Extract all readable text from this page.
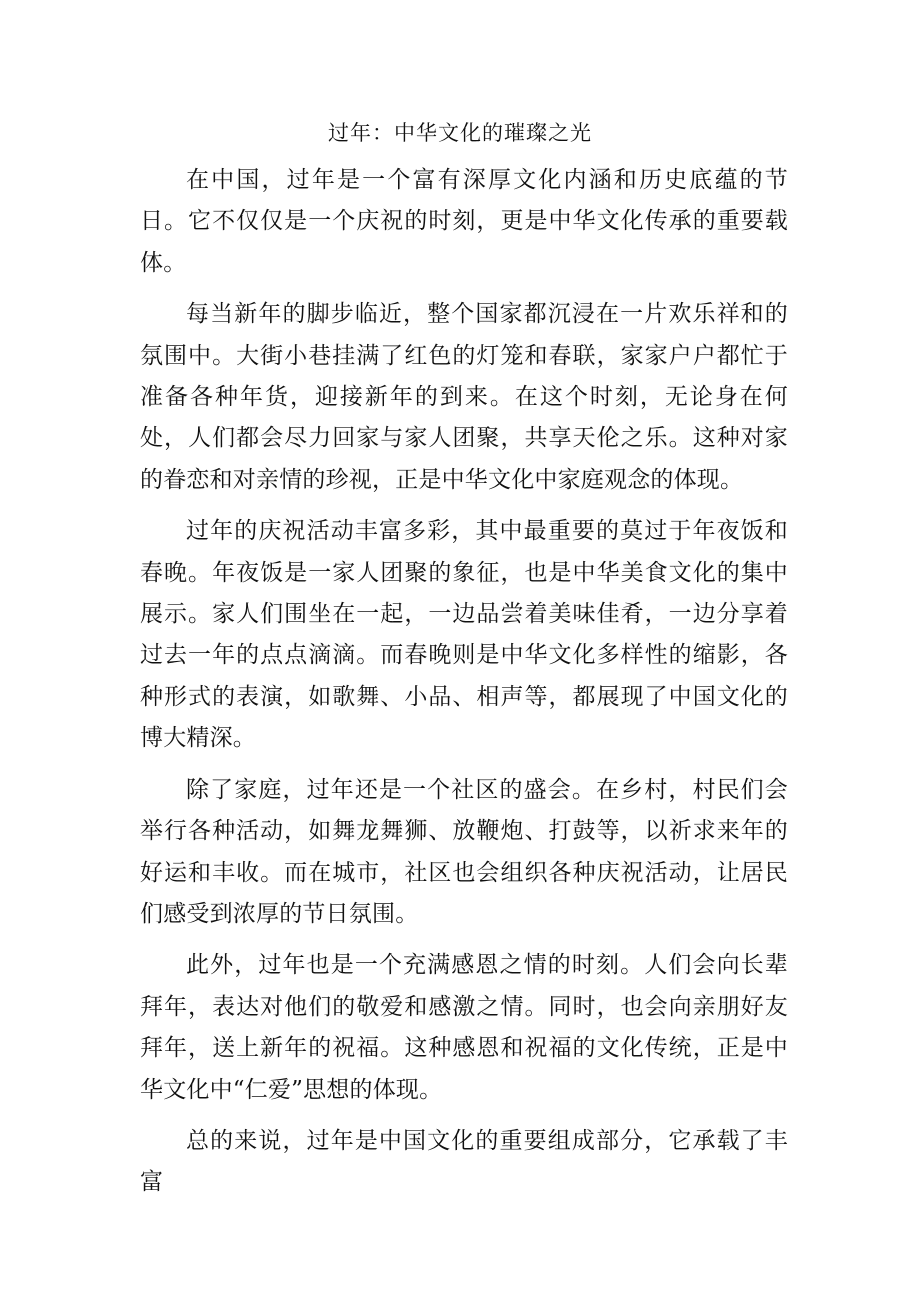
过年：中华文化的璀璨之光

在中国，过年是一个富有深厚文化内涵和历史底蕴的节日。它不仅仅是一个庆祝的时刻，更是中华文化传承的重要载体。

每当新年的脚步临近，整个国家都沉浸在一片欢乐祥和的氛围中。大街小巷挂满了红色的灯笼和春联，家家户户都忙于准备各种年货，迎接新年的到来。在这个时刻，无论身在何处，人们都会尽力回家与家人团聚，共享天伦之乐。这种对家的眷恋和对亲情的珍视，正是中华文化中家庭观念的体现。

过年的庆祝活动丰富多彩，其中最重要的莫过于年夜饭和春晚。年夜饭是一家人团聚的象征，也是中华美食文化的集中展示。家人们围坐在一起，一边品尝着美味佳肴，一边分享着过去一年的点点滴滴。而春晚则是中华文化多样性的缩影，各种形式的表演，如歌舞、小品、相声等，都展现了中国文化的博大精深。

除了家庭，过年还是一个社区的盛会。在乡村，村民们会举行各种活动，如舞龙舞狮、放鞭炮、打鼓等，以祈求来年的好运和丰收。而在城市，社区也会组织各种庆祝活动，让居民们感受到浓厚的节日氛围。

此外，过年也是一个充满感恩之情的时刻。人们会向长辈拜年，表达对他们的敬爱和感激之情。同时，也会向亲朋好友拜年，送上新年的祝福。这种感恩和祝福的文化传统，正是中华文化中“仁爱”思想的体现。

总的来说，过年是中国文化的重要组成部分，它承载了丰富
